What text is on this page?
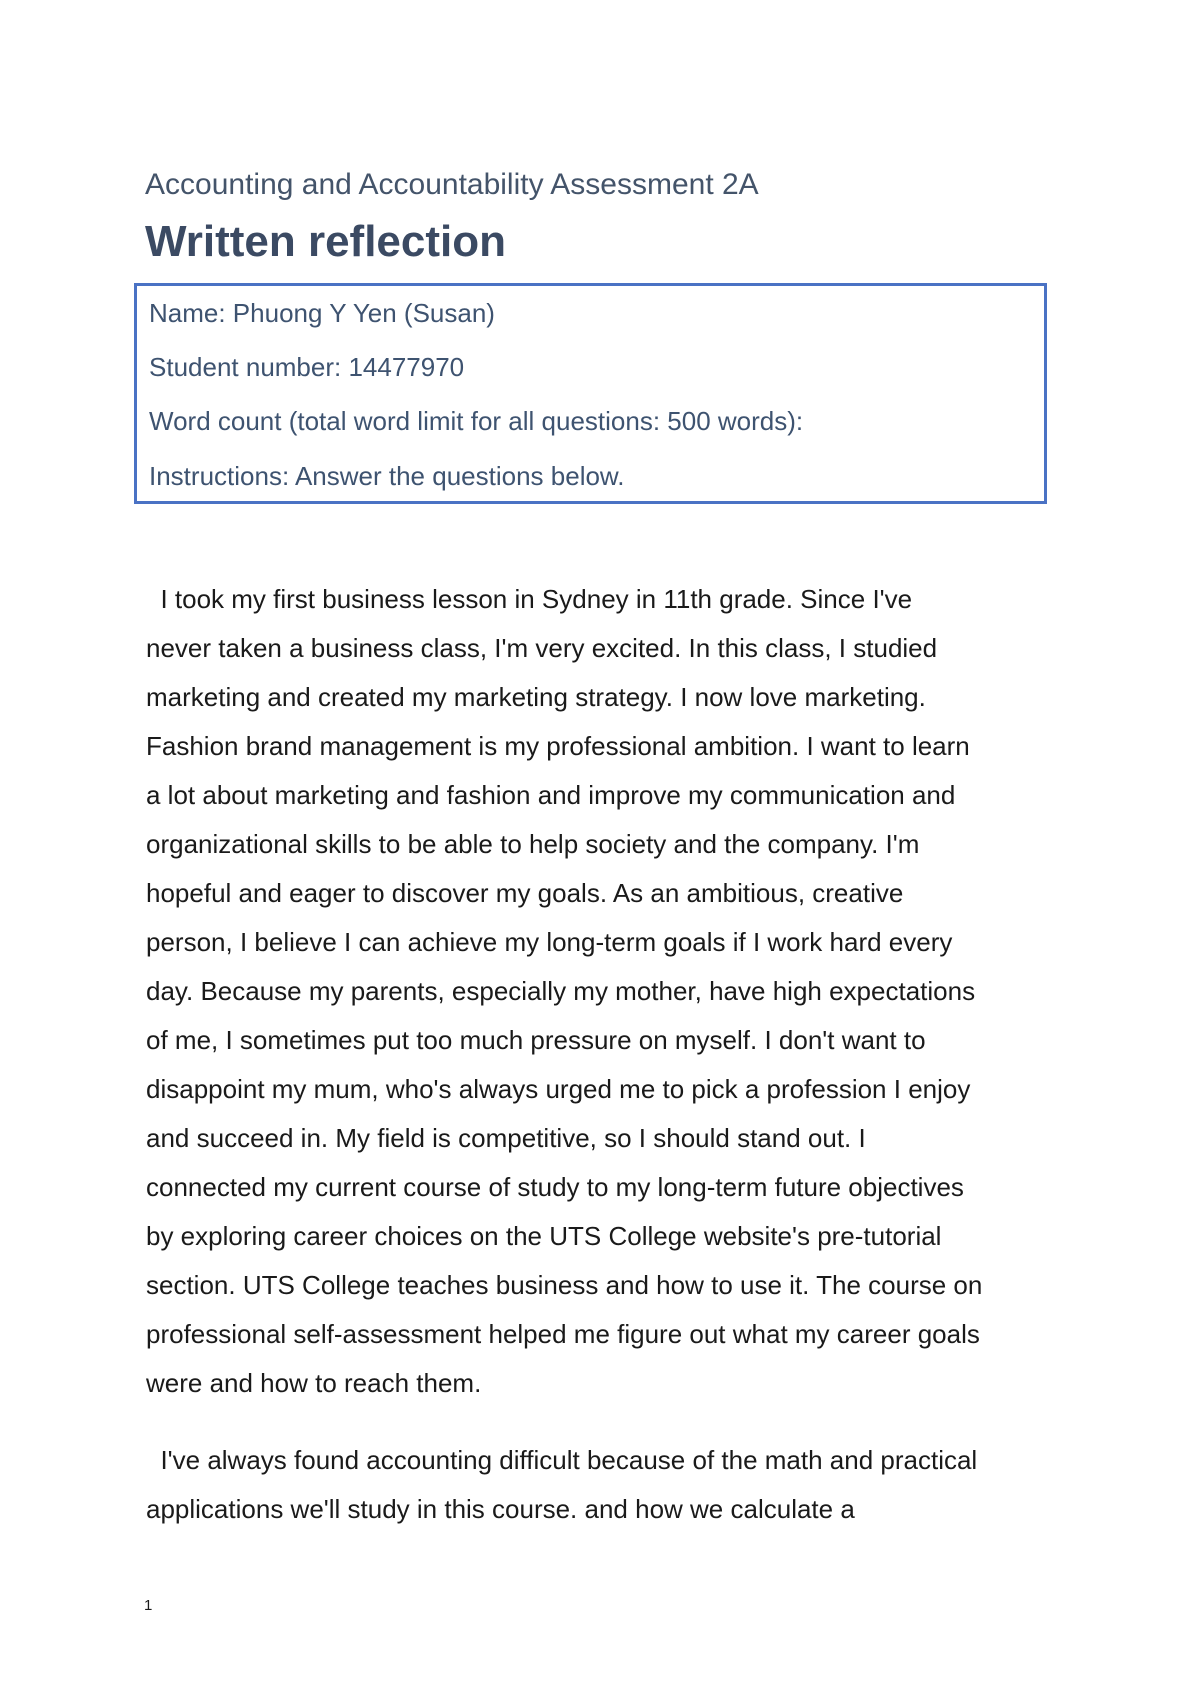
Accounting and Accountability Assessment 2A
Written reflection
Name: Phuong Y Yen (Susan)
Student number: 14477970
Word count (total word limit for all questions: 500 words):
Instructions: Answer the questions below.
I took my first business lesson in Sydney in 11th grade. Since I've
never taken a business class, I'm very excited. In this class, I studied
marketing and created my marketing strategy. I now love marketing.
Fashion brand management is my professional ambition. I want to learn
a lot about marketing and fashion and improve my communication and
organizational skills to be able to help society and the company. I'm
hopeful and eager to discover my goals. As an ambitious, creative
person, I believe I can achieve my long-term goals if I work hard every
day. Because my parents, especially my mother, have high expectations
of me, I sometimes put too much pressure on myself. I don't want to
disappoint my mum, who's always urged me to pick a profession I enjoy
and succeed in. My field is competitive, so I should stand out. I
connected my current course of study to my long-term future objectives
by exploring career choices on the UTS College website's pre-tutorial
section. UTS College teaches business and how to use it. The course on
professional self-assessment helped me figure out what my career goals
were and how to reach them.
I've always found accounting difficult because of the math and practical
applications we'll study in this course. and how we calculate a
1
